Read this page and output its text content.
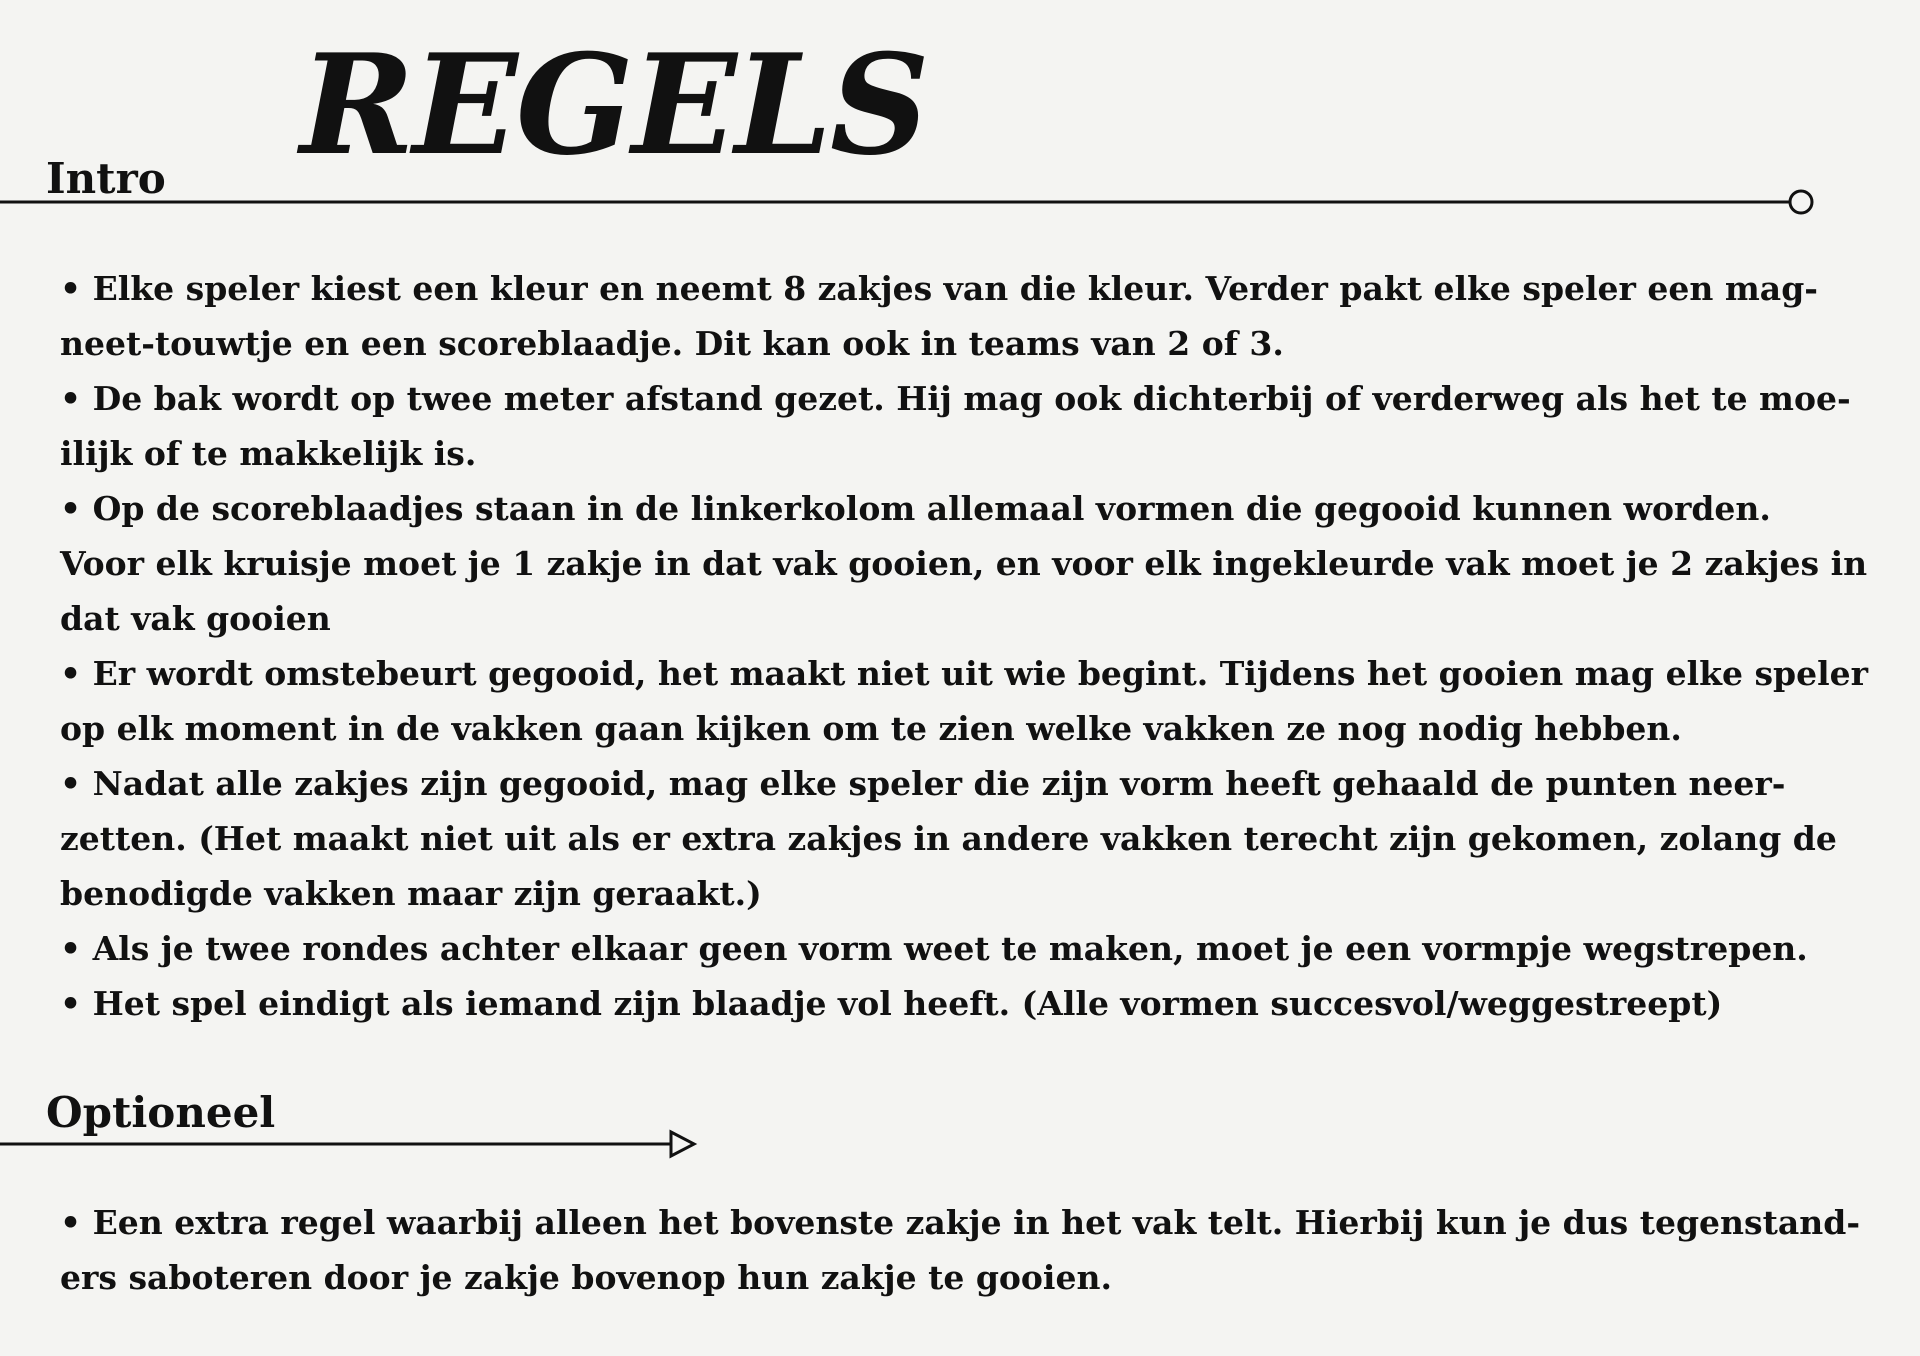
REGELS
Intro
• Elke speler kiest een kleur en neemt 8 zakjes van die kleur. Verder pakt elke speler een mag-
neet-touwtje en een scoreblaadje. Dit kan ook in teams van 2 of 3.
• De bak wordt op twee meter afstand gezet. Hij mag ook dichterbij of verderweg als het te moe-
ilijk of te makkelijk is.
• Op de scoreblaadjes staan in de linkerkolom allemaal vormen die gegooid kunnen worden.
Voor elk kruisje moet je 1 zakje in dat vak gooien, en voor elk ingekleurde vak moet je 2 zakjes in
dat vak gooien
• Er wordt omstebeurt gegooid, het maakt niet uit wie begint. Tijdens het gooien mag elke speler
op elk moment in de vakken gaan kijken om te zien welke vakken ze nog nodig hebben.
• Nadat alle zakjes zijn gegooid, mag elke speler die zijn vorm heeft gehaald de punten neer-
zetten. (Het maakt niet uit als er extra zakjes in andere vakken terecht zijn gekomen, zolang de
benodigde vakken maar zijn geraakt.)
• Als je twee rondes achter elkaar geen vorm weet te maken, moet je een vormpje wegstrepen.
• Het spel eindigt als iemand zijn blaadje vol heeft. (Alle vormen succesvol/weggestreept)
Optioneel
• Een extra regel waarbij alleen het bovenste zakje in het vak telt. Hierbij kun je dus tegenstand-
ers saboteren door je zakje bovenop hun zakje te gooien.
